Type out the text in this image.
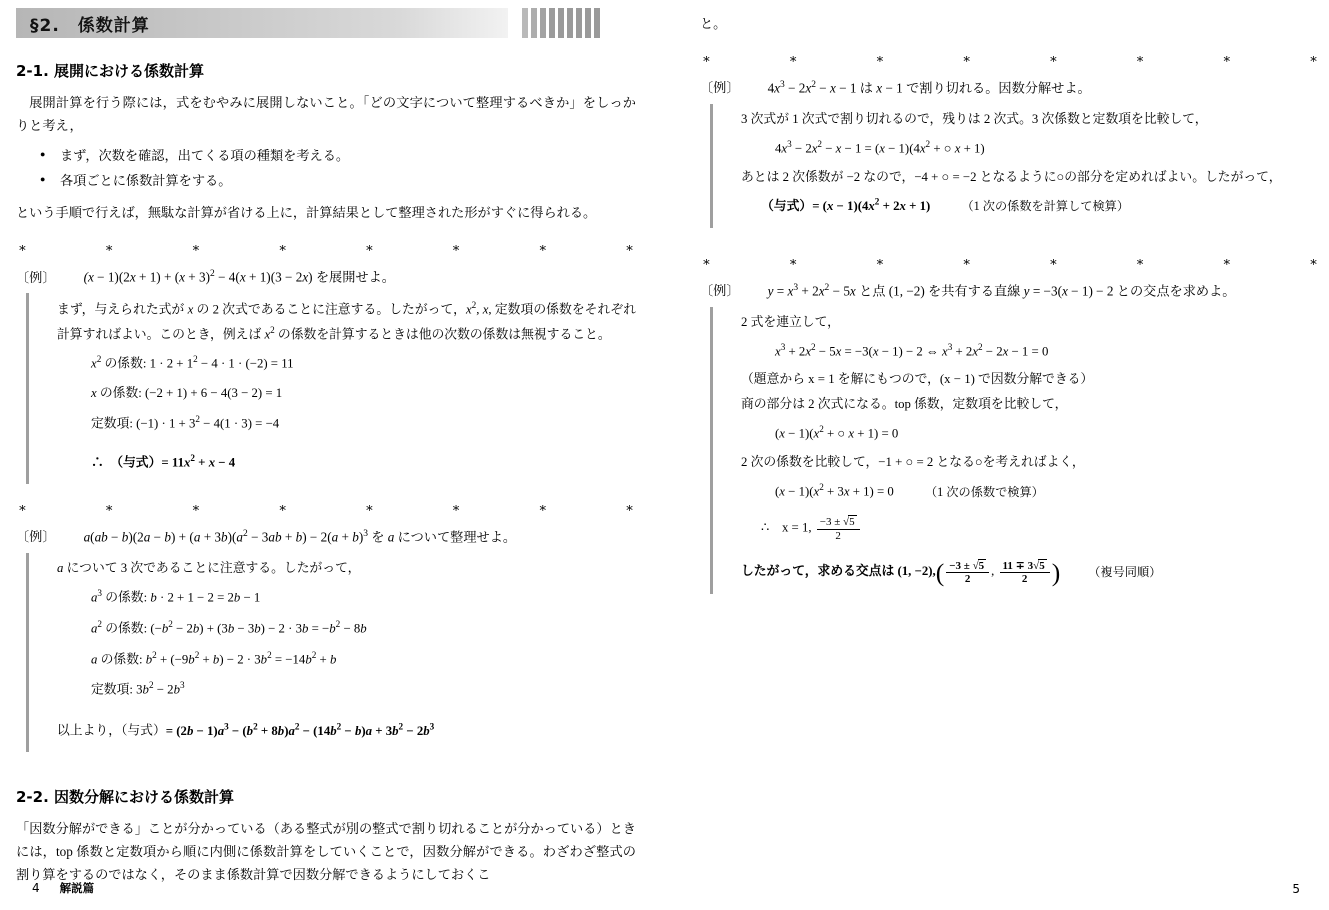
§2.　係数計算
2-1. 展開における係数計算

展開計算を行う際には，式をむやみに展開しないこと。「どの文字について整理するべきか」をしっかりと考え，

● まず，次数を確認，出てくる項の種類を考える。
● 各項ごとに係数計算をする。

という手順で行えば，無駄な計算が省ける上に，計算結果として整理された形がすぐに得られる。

∗	∗	∗	∗	∗	∗	∗	∗
〔例〕 $(x - 1)(2x + 1) + (x + 3)^2 - 4(x + 1)(3 - 2x)$ を展開せよ。

まず，与えられた式が x の 2 次式であることに注意する。したがって，$x^2$, x, 定数項の係数をそれぞれ計算すればよい。このとき，例えば $x^2$ の係数を計算するときは他の次数の係数は無視すること。

$x^2$ の係数: $1 \cdot 2 + 1^2 - 4 \cdot 1 \cdot (-2) = 11$
x の係数: (−2 + 1) + 6 − 4(3 − 2) = 1
定数項: $(-1) \cdot 1 + 3^2 - 4(1 \cdot 3) = -4$
∴　（与式）= $11x^2 + x - 4$
∗	∗	∗	∗	∗	∗	∗	∗
〔例〕 $a(ab - b)(2a - b) + (a + 3b)(a^2 - 3ab + b) - 2(a + b)^3$ を a について整理せよ。

a について 3 次であることに注意する。したがって，

$a^3$ の係数: b · 2 + 1 − 2 = 2b − 1
$a^2$ の係数: $(-b^2 - 2b) + (3b - 3b) - 2 \cdot 3b = -b^2 - 8b$
a の係数: $b^2 + (-9b^2 + b) - 2 \cdot 3b^2 = -14b^2 + b$
定数項: $3b^2 - 2b^3$
以上より，（与式）= $(2b - 1)a^3 - (b^2 + 8b)a^2 - (14b^2 - b)a + 3b^2 - 2b^3$
2-2. 因数分解における係数計算

「因数分解ができる」ことが分かっている（ある整式が別の整式で割り切れることが分かっている）ときには，top 係数と定数項から順に内側に係数計算をしていくことで，因数分解ができる。わざわざ整式の割り算をするのではなく，そのまま係数計算で因数分解できるようにしておくこ

4 解説篇

と。

∗	∗	∗	∗	∗	∗	∗	∗
〔例〕 $4x^3 - 2x^2 - x - 1$ は x − 1 で割り切れる。因数分解せよ。

3 次式が 1 次式で割り切れるので，残りは 2 次式。3 次係数と定数項を比較して，

$4x^3 - 2x^2 - x - 1 = (x - 1)(4x^2$ + ○ x + 1)

あとは 2 次係数が −2 なので，−4 + ○ = −2 となるように○の部分を定めればよい。したがって，

（与式）= $(x - 1)(4x^2 + 2x + 1)$	（1 次の係数を計算して検算）
∗	∗	∗	∗	∗	∗	∗	∗
〔例〕 $y = x^3 + 2x^2 - 5x$ と点 (1, −2) を共有する直線 y = −3(x − 1) − 2 との交点を求めよ。

2 式を連立して，

$x^3 + 2x^2 - 5x = -3(x - 1) - 2$ ⇔ $x^3 + 2x^2 - 2x - 1 = 0$

（題意から x = 1 を解にもつので，(x − 1) で因数分解できる）

商の部分は 2 次式になる。top 係数，定数項を比較して，

$(x - 1)(x^2$ + ○ x + 1) = 0

2 次の係数を比較して，−1 + ○ = 2 となる○を考えればよく，

$(x - 1)(x^2 + 3x + 1) = 0$ （1 次の係数で検算）
∴　x = 1, $\frac{-3 \pm √5}{2}$
したがって，求める交点は (1, −2), ( $\frac{-3 \pm √5}{2}$ , $\frac{11 \mp 3√5}{2}$ ) （複号同順）
5
